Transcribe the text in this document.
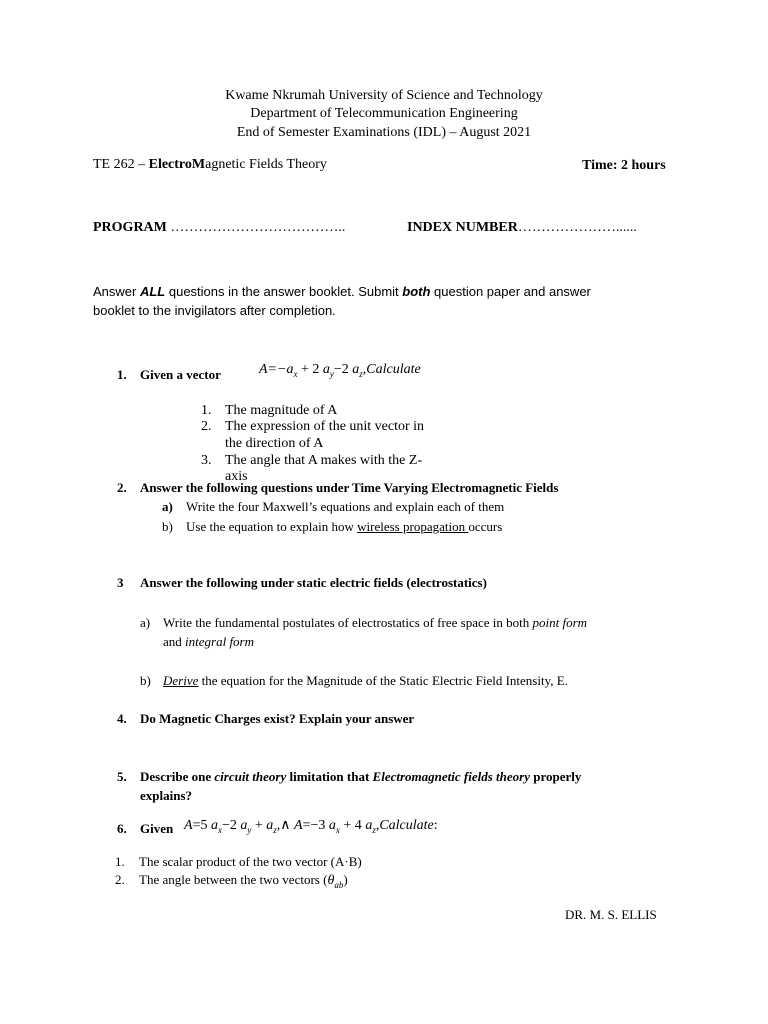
Kwame Nkrumah University of Science and Technology
Department of Telecommunication Engineering
End of Semester Examinations (IDL) – August 2021
TE 262 – ElectroMagnetic Fields Theory	Time: 2 hours
PROGRAM ………………………………..	INDEX NUMBER…………………......
Answer ALL questions in the answer booklet. Submit both question paper and answer
booklet to the invigilators after completion.
1. Given a vector	$A=-a_x + 2$ $a_y-2$ $a_z,Calculate$
1. The magnitude of A
2. The expression of the unit vector in
the direction of A
3. The angle that A makes with the Z-
axis
2. Answer the following questions under Time Varying Electromagnetic Fields
a) Write the four Maxwell’s equations and explain each of them
b) Use the equation to explain how wireless propagation occurs
3 Answer the following under static electric fields (electrostatics)
a) Write the fundamental postulates of electrostatics of free space in both point form
and integral form
b) Derive the equation for the Magnitude of the Static Electric Field Intensity, E.
4. Do Magnetic Charges exist? Explain your answer
5. Describe one circuit theory limitation that Electromagnetic fields theory properly
explains?
6. Given A=5 $a_x-2$ $a_y$ + $a_z,\wedge$ A=−3 $a_x + 4$ $a_z,Calculate$:
1. The scalar product of the two vector (A·B)
2. The angle between the two vectors $(\theta_{ab})$
DR. M. S. ELLIS
